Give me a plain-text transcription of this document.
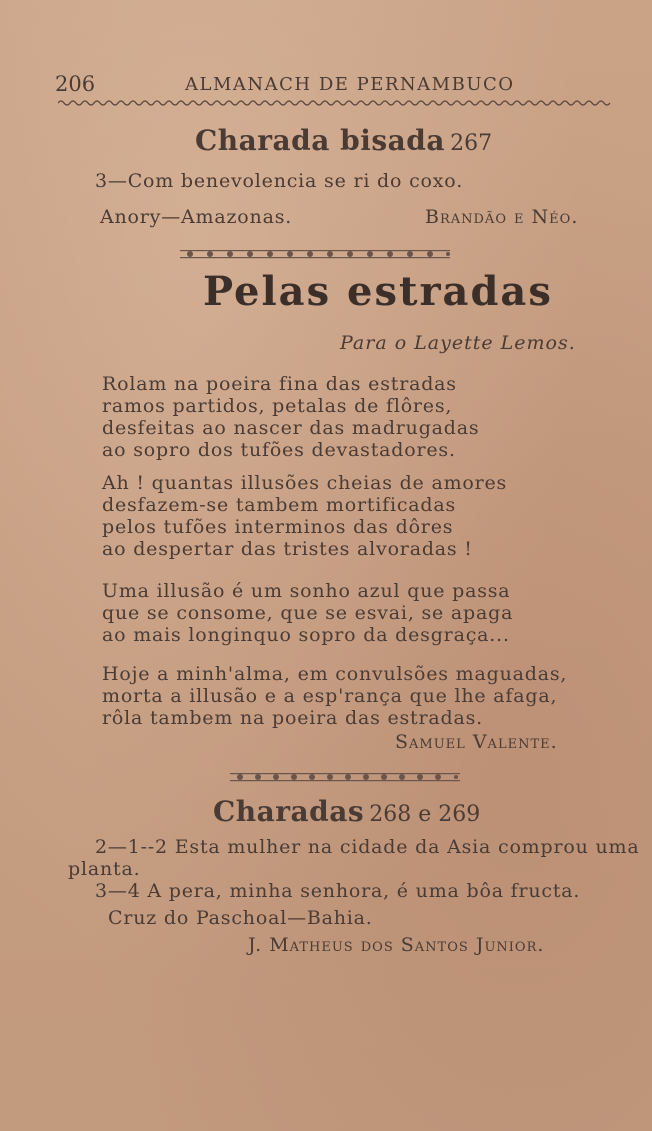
206	ALMANACH DE PERNAMBUCO
Charada bisada 267
3—Com benevolencia se ri do coxo.
Anory—Amazonas.	Brandão e Néo.
Pelas estradas
Para o Layette Lemos.
Rolam na poeira fina das estradas
ramos partidos, petalas de flôres,
desfeitas ao nascer das madrugadas
ao sopro dos tufões devastadores.
Ah ! quantas illusões cheias de amores
desfazem-se tambem mortificadas
pelos tufões interminos das dôres
ao despertar das tristes alvoradas !
Uma illusão é um sonho azul que passa
que se consome, que se esvai, se apaga
ao mais longinquo sopro da desgraça...
Hoje a minh'alma, em convulsões maguadas,
morta a illusão e a esp'rança que lhe afaga,
rôla tambem na poeira das estradas.
Samuel Valente.
Charadas 268 e 269
2—1--2 Esta mulher na cidade da Asia comprou uma
planta.
3—4 A pera, minha senhora, é uma bôa fructa.
Cruz do Paschoal—Bahia.
J. Matheus dos Santos Junior.
